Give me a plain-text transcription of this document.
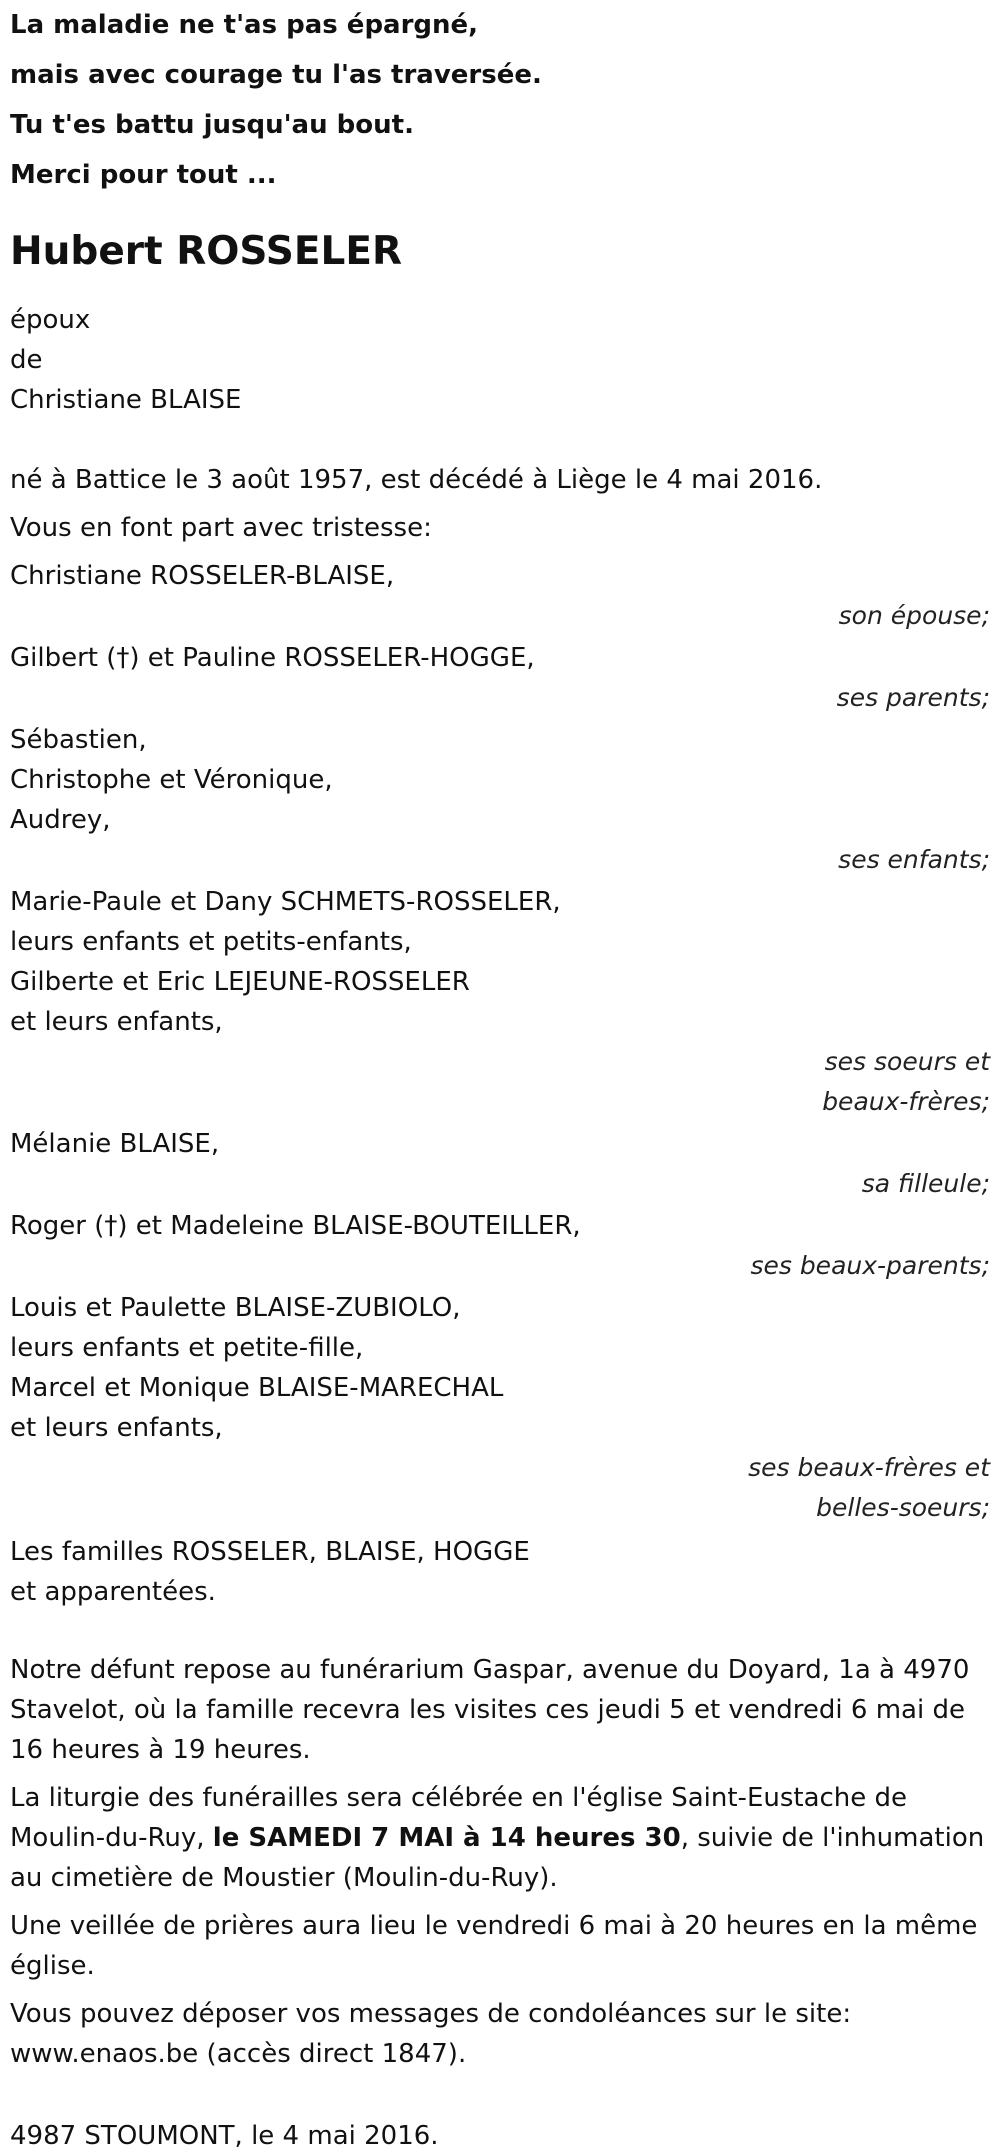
La maladie ne t'as pas épargné,
mais avec courage tu l'as traversée.
Tu t'es battu jusqu'au bout.
Merci pour tout ...
Hubert ROSSELER
époux
de
Christiane BLAISE
né à Battice le 3 août 1957, est décédé à Liège le 4 mai 2016.
Vous en font part avec tristesse:
Christiane ROSSELER-BLAISE,
son épouse;
Gilbert (†) et Pauline ROSSELER-HOGGE,
ses parents;
Sébastien,
Christophe et Véronique,
Audrey,
ses enfants;
Marie-Paule et Dany SCHMETS-ROSSELER,
leurs enfants et petits-enfants,
Gilberte et Eric LEJEUNE-ROSSELER
et leurs enfants,
ses soeurs et
beaux-frères;
Mélanie BLAISE,
sa filleule;
Roger (†) et Madeleine BLAISE-BOUTEILLER,
ses beaux-parents;
Louis et Paulette BLAISE-ZUBIOLO,
leurs enfants et petite-fille,
Marcel et Monique BLAISE-MARECHAL
et leurs enfants,
ses beaux-frères et
belles-soeurs;
Les familles ROSSELER, BLAISE, HOGGE
et apparentées.
Notre défunt repose au funérarium Gaspar, avenue du Doyard, 1a à 4970
Stavelot, où la famille recevra les visites ces jeudi 5 et vendredi 6 mai de
16 heures à 19 heures.
La liturgie des funérailles sera célébrée en l'église Saint-Eustache de
Moulin-du-Ruy, le SAMEDI 7 MAI à 14 heures 30, suivie de l'inhumation
au cimetière de Moustier (Moulin-du-Ruy).
Une veillée de prières aura lieu le vendredi 6 mai à 20 heures en la même
église.
Vous pouvez déposer vos messages de condoléances sur le site:
www.enaos.be (accès direct 1847).
4987 STOUMONT, le 4 mai 2016.
